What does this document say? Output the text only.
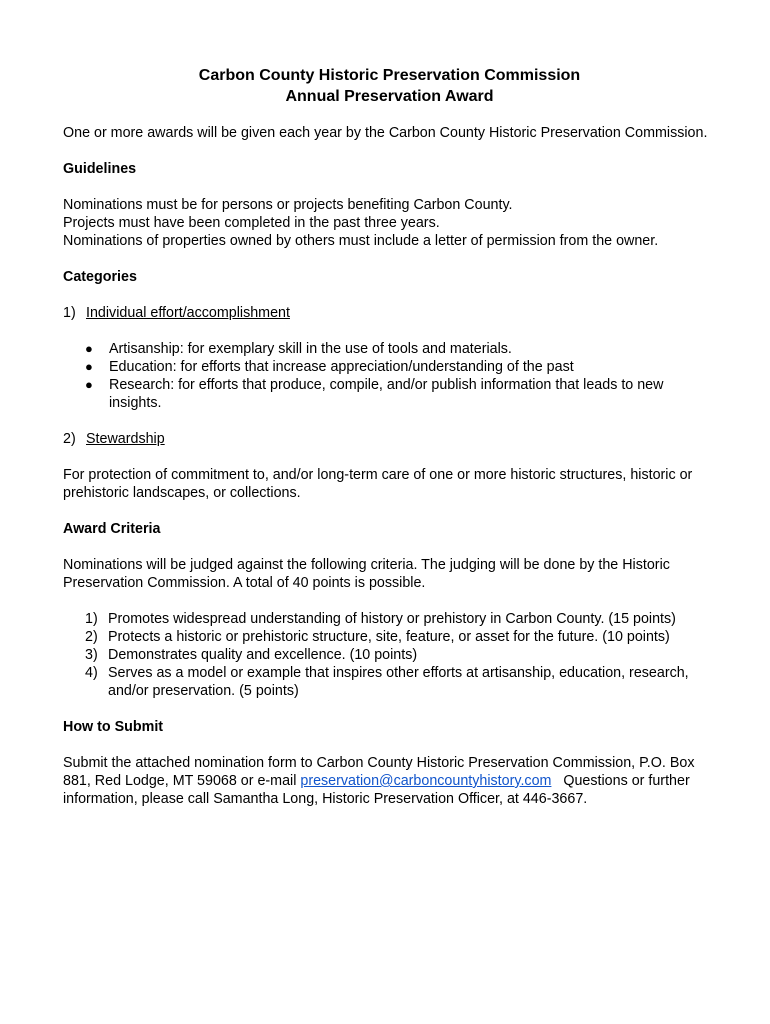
Carbon County Historic Preservation Commission

Annual Preservation Award

One or more awards will be given each year by the Carbon County Historic Preservation Commission.

Guidelines

Nominations must be for persons or projects benefiting Carbon County.

Projects must have been completed in the past three years.

Nominations of properties owned by others must include a letter of permission from the owner.

Categories

1) Individual effort/accomplishment
●	Artisanship: for exemplary skill in the use of tools and materials.
●	Education: for efforts that increase appreciation/understanding of the past
●	Research: for efforts that produce, compile, and/or publish information that leads to new insights.
2) Stewardship

For protection of commitment to, and/or long-term care of one or more historic structures, historic or prehistoric landscapes, or collections.

Award Criteria

Nominations will be judged against the following criteria. The judging will be done by the Historic Preservation Commission. A total of 40 points is possible.

1) Promotes widespread understanding of history or prehistory in Carbon County. (15 points)
2) Protects a historic or prehistoric structure, site, feature, or asset for the future. (10 points)
3) Demonstrates quality and excellence. (10 points)
4) Serves as a model or example that inspires other efforts at artisanship, education, research, and/or preservation. (5 points)

How to Submit

Submit the attached nomination form to Carbon County Historic Preservation Commission, P.O. Box 881, Red Lodge, MT 59068 or e-mail preservation@carboncountyhistory.com   Questions or further information, please call Samantha Long, Historic Preservation Officer, at 446-3667.
